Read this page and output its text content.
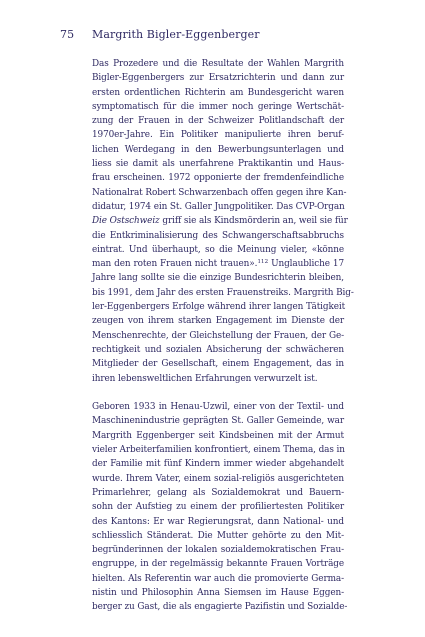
75 Margrith Bigler-Eggenberger
Das Prozedere und die Resultate der Wahlen Margrith
Bigler-Eggenbergers zur Ersatzrichterin und dann zur
ersten ordentlichen Richterin am Bundesgericht waren
symptomatisch für die immer noch geringe Wertschät-
zung der Frauen in der Schweizer Politlandschaft der
1970er-Jahre. Ein Politiker manipulierte ihren beruf-
lichen Werdegang in den Bewerbungsunterlagen und
liess sie damit als unerfahrene Praktikantin und Haus-
frau erscheinen. 1972 opponierte der fremdenfeindliche
Nationalrat Robert Schwarzenbach offen gegen ihre Kan-
didatur, 1974 ein St. Galler Jungpolitiker. Das CVP-Organ
Die Ostschweiz griff sie als Kindsmörderin an, weil sie für
die Entkriminalisierung des Schwangerschaftsabbruchs
eintrat. Und überhaupt, so die Meinung vieler, «könne
man den roten Frauen nicht trauen».$^{112}$ Unglaubliche 17
Jahre lang sollte sie die einzige Bundesrichterin bleiben,
bis 1991, dem Jahr des ersten Frauenstreiks. Margrith Big-
ler-Eggenbergers Erfolge während ihrer langen Tätigkeit
zeugen von ihrem starken Engagement im Dienste der
Menschenrechte, der Gleichstellung der Frauen, der Ge-
rechtigkeit und sozialen Absicherung der schwächeren
Mitglieder der Gesellschaft, einem Engagement, das in
ihren lebensweltlichen Erfahrungen verwurzelt ist.
Geboren 1933 in Henau-Uzwil, einer von der Textil- und
Maschinenindustrie geprägten St. Galler Gemeinde, war
Margrith Eggenberger seit Kindsbeinen mit der Armut
vieler Arbeiterfamilien konfrontiert, einem Thema, das in
der Familie mit fünf Kindern immer wieder abgehandelt
wurde. Ihrem Vater, einem sozial-religiös ausgerichteten
Primarlehrer, gelang als Sozialdemokrat und Bauern-
sohn der Aufstieg zu einem der profiliertesten Politiker
des Kantons: Er war Regierungsrat, dann National- und
schliesslich Ständerat. Die Mutter gehörte zu den Mit-
begründerinnen der lokalen sozialdemokratischen Frau-
engruppe, in der regelmässig bekannte Frauen Vorträge
hielten. Als Referentin war auch die promovierte Germa-
nistin und Philosophin Anna Siemsen im Hause Eggen-
berger zu Gast, die als engagierte Pazifistin und Sozialde-
